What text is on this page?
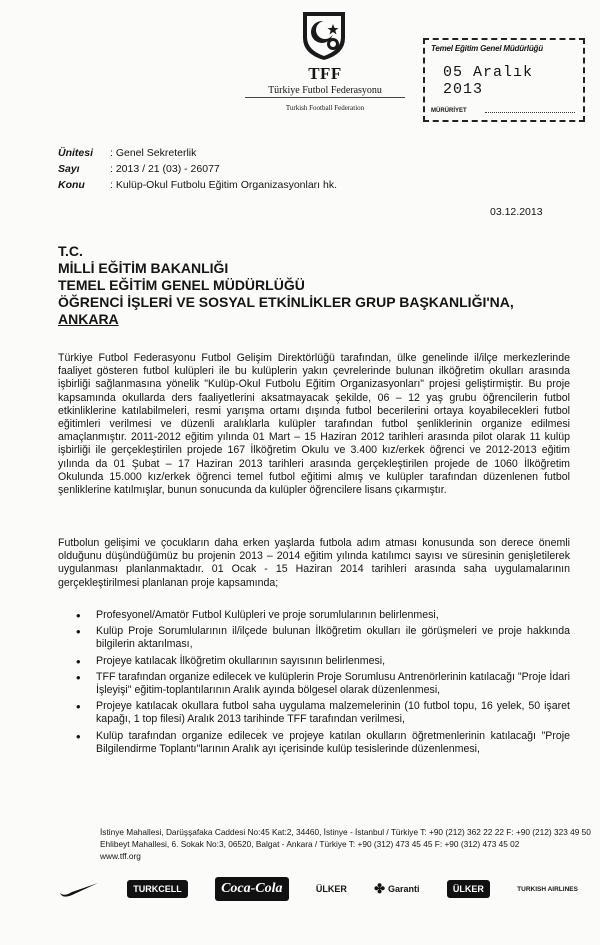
TFF
Türkiye Futbol Federasyonu
Turkish Football Federation
Temel Eğitim Genel Müdürlüğü
05 Aralık 2013
MÜRÜRİYET
Ünitesi	: Genel Sekreterlik
Sayı	: 2013 / 21 (03) - 26077
Konu	: Kulüp-Okul Futbolu Eğitim Organizasyonları hk.
03.12.2013
T.C.
MİLLİ EĞİTİM BAKANLIĞI
TEMEL EĞİTİM GENEL MÜDÜRLÜĞÜ
ÖĞRENCİ İŞLERİ VE SOSYAL ETKİNLİKLER GRUP BAŞKANLIĞI'NA,
ANKARA
Türkiye Futbol Federasyonu Futbol Gelişim Direktörlüğü tarafından, ülke genelinde il/ilçe merkezlerinde faaliyet gösteren futbol kulüpleri ile bu kulüplerin yakın çevrelerinde bulunan ilköğretim okulları arasında işbirliği sağlanmasına yönelik "Kulüp-Okul Futbolu Eğitim Organizasyonları" projesi geliştirmiştir. Bu proje kapsamında okullarda ders faaliyetlerini aksatmayacak şekilde, 06 – 12 yaş grubu öğrencilerin futbol etkinliklerine katılabilmeleri, resmi yarışma ortamı dışında futbol becerilerini ortaya koyabilecekleri futbol eğitimleri verilmesi ve düzenli aralıklarla kulüpler tarafından futbol şenliklerinin organize edilmesi amaçlanmıştır. 2011-2012 eğitim yılında 01 Mart – 15 Haziran 2012 tarihleri arasında pilot olarak 11 kulüp işbirliği ile gerçekleştirilen projede 167 İlköğretim Okulu ve 3.400 kız/erkek öğrenci ve 2012-2013 eğitim yılında da 01 Şubat – 17 Haziran 2013 tarihleri arasında gerçekleştirilen projede de 1060 İlköğretim Okulunda 15.000 kız/erkek öğrenci temel futbol eğitimi almış ve kulüpler tarafından düzenlenen futbol şenliklerine katılmışlar, bunun sonucunda da kulüpler öğrencilere lisans çıkarmıştır.
Futbolun gelişimi ve çocukların daha erken yaşlarda futbola adım atması konusunda son derece önemli olduğunu düşündüğümüz bu projenin 2013 – 2014 eğitim yılında katılımcı sayısı ve süresinin genişletilerek uygulanması planlanmaktadır. 01 Ocak - 15 Haziran 2014 tarihleri arasında saha uygulamalarının gerçekleştirilmesi planlanan proje kapsamında;
• Profesyonel/Amatör Futbol Kulüpleri ve proje sorumlularının belirlenmesi,
• Kulüp Proje Sorumlularının il/ilçede bulunan İlköğretim okulları ile görüşmeleri ve proje hakkında bilgilerin aktarılması,
• Projeye katılacak İlköğretim okullarının sayısının belirlenmesi,
• TFF tarafından organize edilecek ve kulüplerin Proje Sorumlusu Antrenörlerinin katılacağı "Proje İdari İşleyişi" eğitim-toplantılarının Aralık ayında bölgesel olarak düzenlenmesi,
• Projeye katılacak okullara futbol saha uygulama malzemelerinin (10 futbol topu, 16 yelek, 50 işaret kapağı, 1 top filesi) Aralık 2013 tarihinde TFF tarafından verilmesi,
• Kulüp tarafından organize edilecek ve projeye katılan okulların öğretmenlerinin katılacağı "Proje Bilgilendirme Toplantı"larının Aralık ayı içerisinde kulüp tesislerinde düzenlenmesi,
İstinye Mahallesi, Darüşşafaka Caddesi No:45 Kat:2, 34460, İstinye - İstanbul / Türkiye T: +90 (212) 362 22 22 F: +90 (212) 323 49 50
Ehlibeyt Mahallesi, 6. Sokak No:3, 06520, Balgat - Ankara / Türkiye T: +90 (312) 473 45 45 F: +90 (312) 473 45 02
www.tff.org
TURKCELL	Coca-Cola	ÜLKER ✤ Garanti	ÜLKER	TURKISH AIRLINES
